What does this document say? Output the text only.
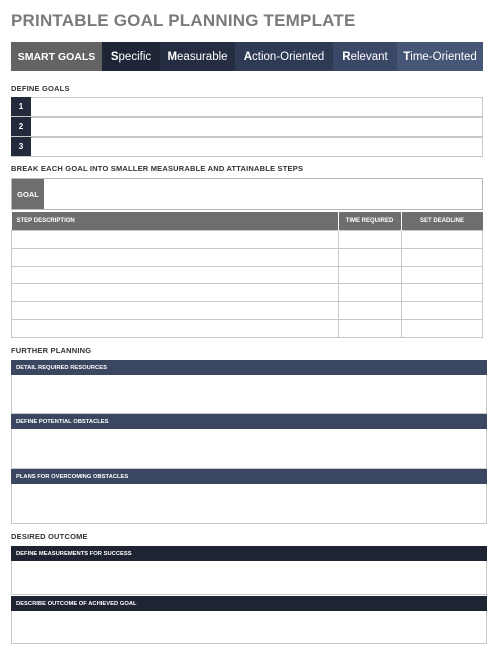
PRINTABLE GOAL PLANNING TEMPLATE
SMART GOALS S pecific M easurable A ction-Oriented R elevant T ime-Oriented
DEFINE GOALS
1
2
3
BREAK EACH GOAL INTO SMALLER MEASURABLE AND ATTAINABLE STEPS
GOAL
STEP DESCRIPTION	TIME REQUIRED	SET DEADLINE

FURTHER PLANNING
DETAIL REQUIRED RESOURCES
DEFINE POTENTIAL OBSTACLES
PLANS FOR OVERCOMING OBSTACLES
DESIRED OUTCOME
DEFINE MEASUREMENTS FOR SUCCESS
DESCRIBE OUTCOME OF ACHIEVED GOAL
